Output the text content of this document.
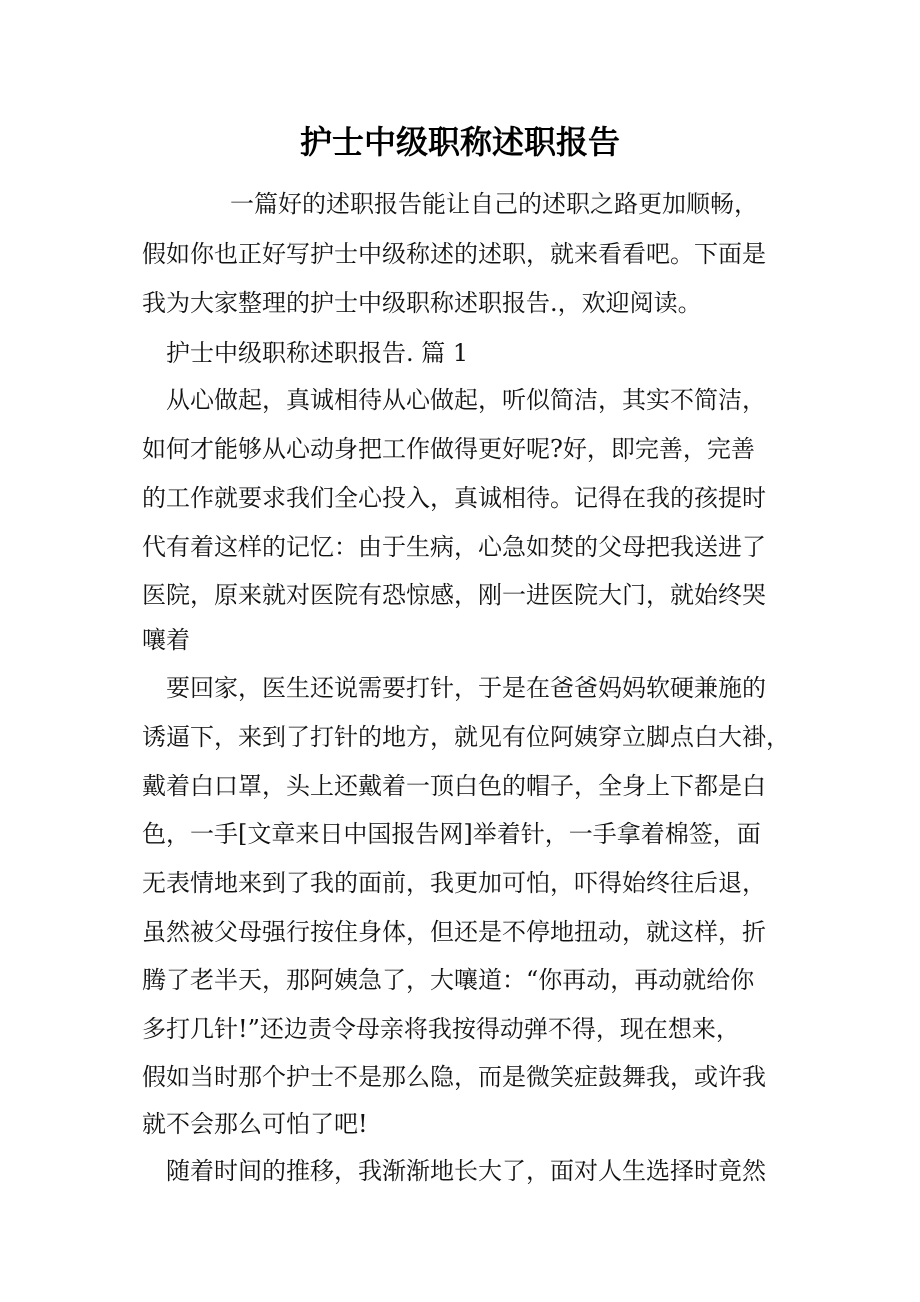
护士中级职称述职报告

一篇好的述职报告能让自己的述职之路更加顺畅，

假如你也正好写护士中级称述的述职，就来看看吧。下面是

我为大家整理的护士中级职称述职报告.，欢迎阅读。

护士中级职称述职报告. 篇 1

从心做起，真诚相待从心做起，听似简洁，其实不简洁，

如何才能够从心动身把工作做得更好呢?好，即完善，完善

的工作就要求我们全心投入，真诚相待。记得在我的孩提时

代有着这样的记忆：由于生病，心急如焚的父母把我送进了

医院，原来就对医院有恐惊感，刚一进医院大门，就始终哭

嚷着

要回家，医生还说需要打针，于是在爸爸妈妈软硬兼施的

诱逼下，来到了打针的地方，就见有位阿姨穿立脚点白大褂，

戴着白口罩，头上还戴着一顶白色的帽子，全身上下都是白

色，一手[文章来日中国报告网]举着针，一手拿着棉签，面

无表情地来到了我的面前，我更加可怕，吓得始终往后退，

虽然被父母强行按住身体，但还是不停地扭动，就这样，折

腾了老半天，那阿姨急了，大嚷道：“你再动，再动就给你

多打几针!”还边责令母亲将我按得动弹不得，现在想来，

假如当时那个护士不是那么隐，而是微笑症鼓舞我，或许我

就不会那么可怕了吧!

随着时间的推移，我渐渐地长大了，面对人生选择时竟然
